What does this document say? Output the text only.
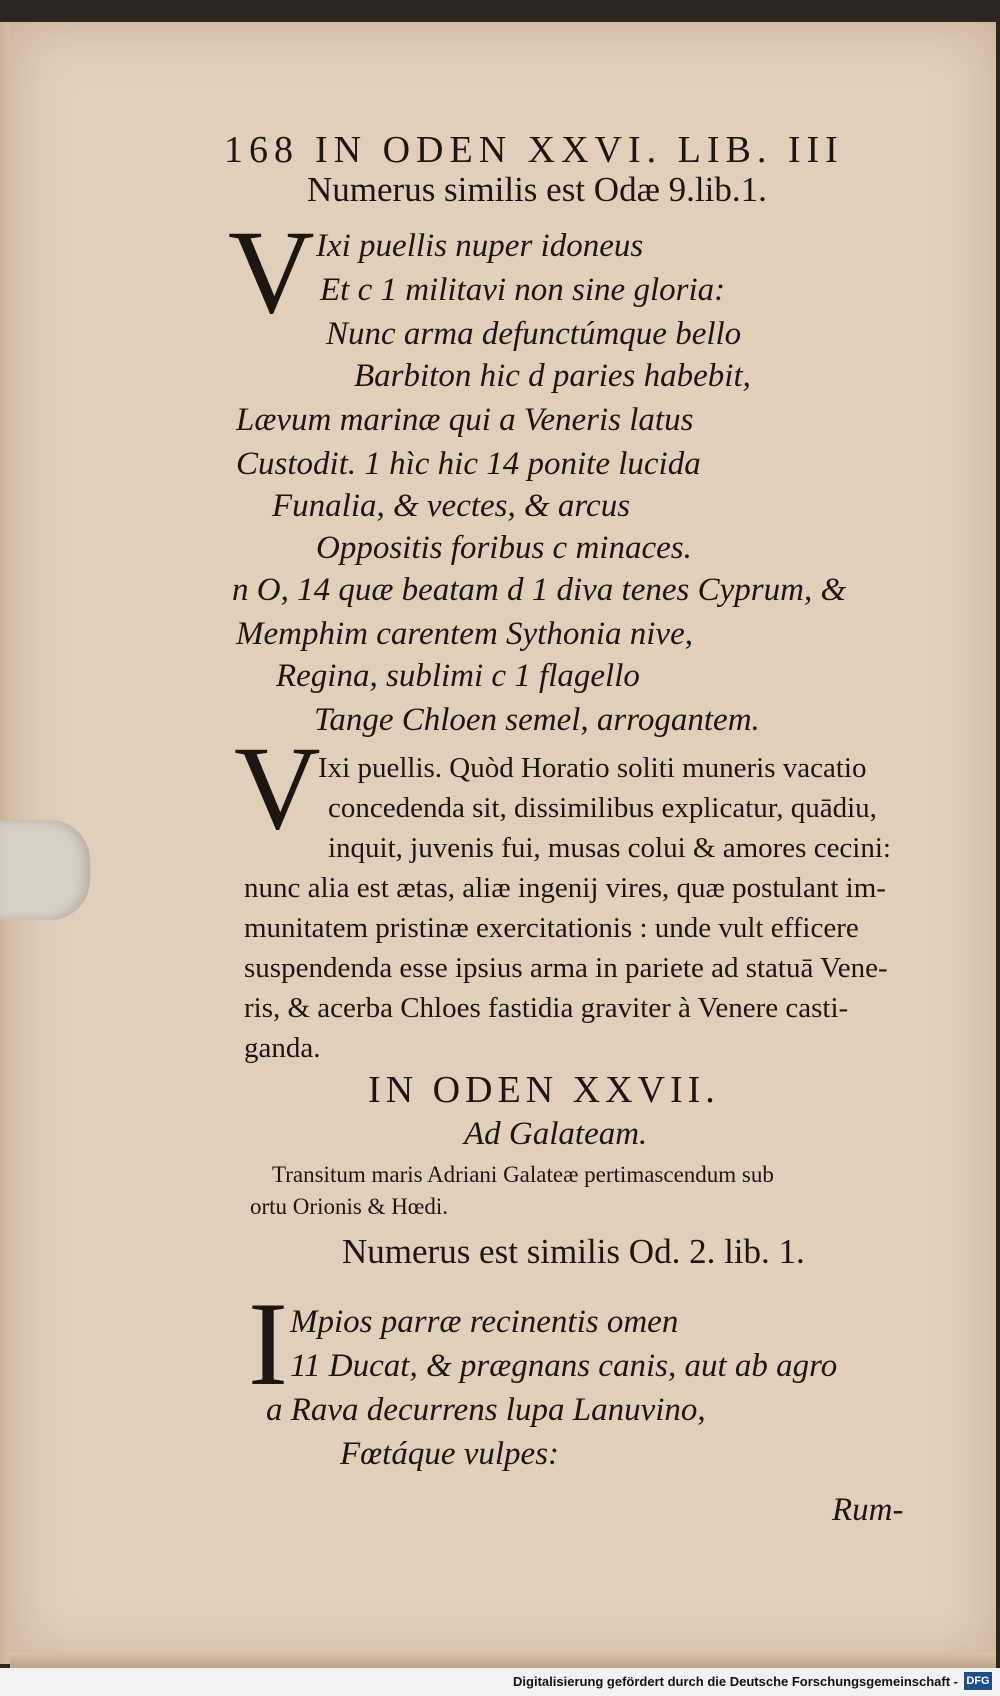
168 IN ODEN XXVI. LIB. III
Numerus similis est Odæ 9.lib.1.
V Ixi puellis nuper idoneus
Et c 1 militavi non sine gloria:
Nunc arma defunctúmque bello
Barbiton hic d paries habebit,
Lævum marinæ qui a Veneris latus
Custodit. 1 hìc hic 14 ponite lucida
Funalia, & vectes, & arcus
Oppositis foribus c minaces.
n O, 14 quæ beatam d 1 diva tenes Cyprum, &
Memphim carentem Sythonia nive,
Regina, sublimi c 1 flagello
Tange Chloen semel, arrogantem.
V
Ixi puellis. Quòd Horatio soliti muneris vacatio
concedenda sit, dissimilibus explicatur, quādiu,
inquit, juvenis fui, musas colui & amores cecini:
nunc alia est ætas, aliæ ingenij vires, quæ postulant im-
munitatem pristinæ exercitationis : unde vult efficere
suspendenda esse ipsius arma in pariete ad statuā Vene-
ris, & acerba Chloes fastidia graviter à Venere casti-
ganda.
IN ODEN XXVII.
Ad Galateam.
Transitum maris Adriani Galateæ pertimascendum sub
ortu Orionis & Hœdi.
Numerus est similis Od. 2. lib. 1.
I Mpios parræ recinentis omen
11 Ducat, & prægnans canis, aut ab agro
a Rava decurrens lupa Lanuvino,
Fœtáque vulpes:
Rum-
Digitalisierung gefördert durch die Deutsche Forschungsgemeinschaft - DFG
